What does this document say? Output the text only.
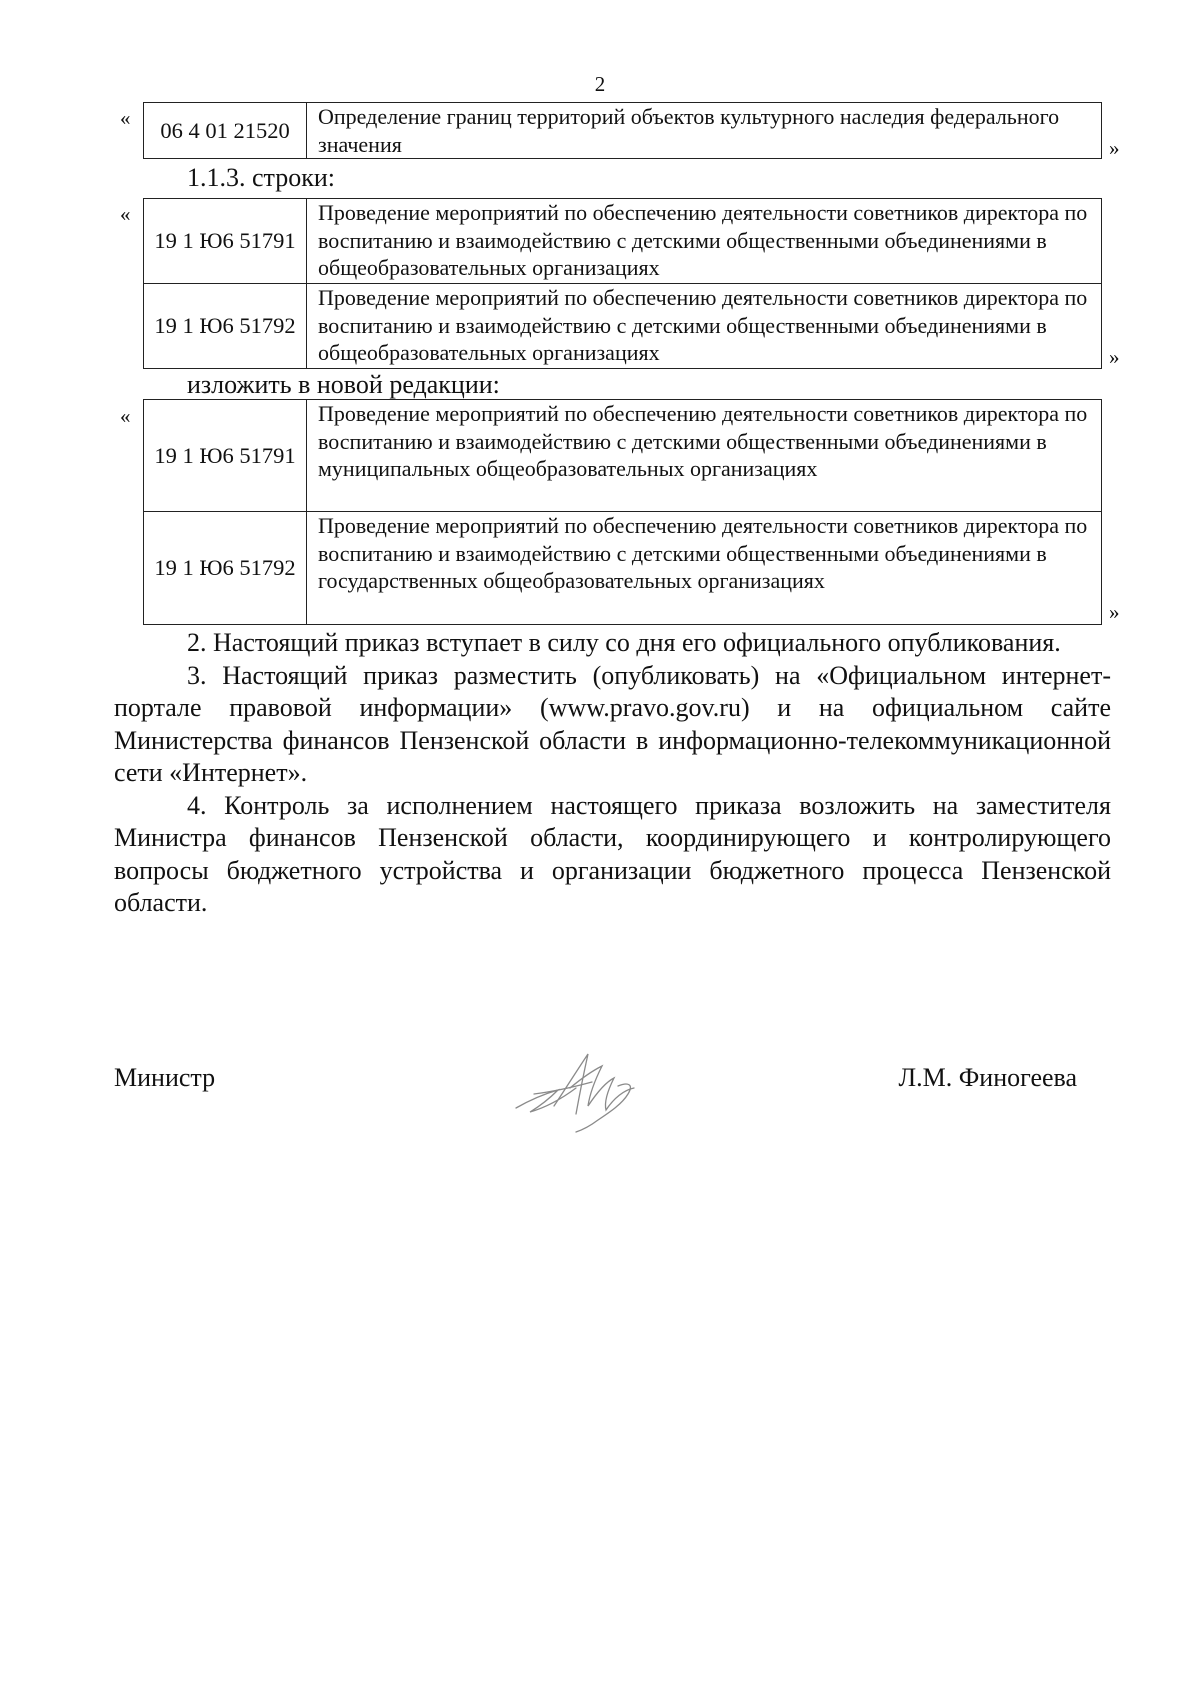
2
« 06 4 01 21520	Определение границ территорий объектов культурного наследия федерального значения	»
1.1.3. строки:
«
19 1 Ю6 51791	Проведение мероприятий по обеспечению деятельности советников директора по воспитанию и взаимодействию с детскими общественными объединениями в общеобразовательных организациях
19 1 Ю6 51792	Проведение мероприятий по обеспечению деятельности советников директора по воспитанию и взаимодействию с детскими общественными объединениями в общеобразовательных организациях	»
изложить в новой редакции:
«
19 1 Ю6 51791	Проведение мероприятий по обеспечению деятельности советников директора по воспитанию и взаимодействию с детскими общественными объединениями в муниципальных общеобразовательных организациях
19 1 Ю6 51792	Проведение мероприятий по обеспечению деятельности советников директора по воспитанию и взаимодействию с детскими общественными объединениями в государственных общеобразовательных организациях
»

2. Настоящий приказ вступает в силу со дня его официального опубликования.

3. Настоящий приказ разместить (опубликовать) на «Официальном интернет-портале правовой информации» (www.pravo.gov.ru) и на официальном сайте Министерства финансов Пензенской области в информационно-телекоммуникационной сети «Интернет».

4. Контроль за исполнением настоящего приказа возложить на заместителя Министра финансов Пензенской области, координирующего и контролирующего вопросы бюджетного устройства и организации бюджетного процесса Пензенской области.

Министр	Л.М. Финогеева
